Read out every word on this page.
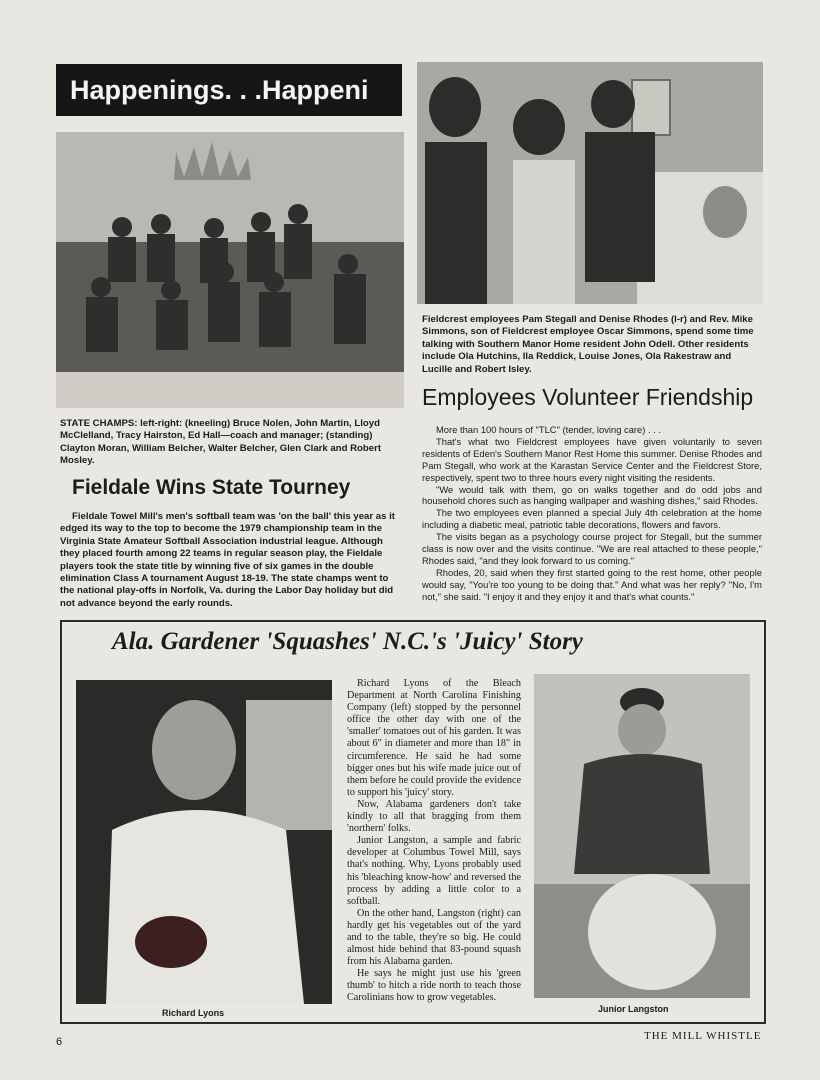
Happenings. . .Happeni
STATE CHAMPS: left-right: (kneeling) Bruce Nolen, John Martin, Lloyd McClelland, Tracy Hairston, Ed Hall—coach and manager; (standing) Clayton Moran, William Belcher, Walter Belcher, Glen Clark and Robert Mosley.
Fieldale Wins State Tourney
Fieldale Towel Mill's men's softball team was 'on the ball' this year as it edged its way to the top to become the 1979 championship team in the Virginia State Amateur Softball Association industrial league. Although they placed fourth among 22 teams in regular season play, the Fieldale players took the state title by winning five of six games in the double elimination Class A tournament August 18-19. The state champs went to the national play-offs in Norfolk, Va. during the Labor Day holiday but did not advance beyond the early rounds.
Fieldcrest employees Pam Stegall and Denise Rhodes (l-r) and Rev. Mike Simmons, son of Fieldcrest employee Oscar Simmons, spend some time talking with Southern Manor Home resident John Odell. Other residents include Ola Hutchins, Ila Reddick, Louise Jones, Ola Rakestraw and Lucille and Robert Isley.
Employees Volunteer Friendship

More than 100 hours of "TLC" (tender, loving care) . . .

That's what two Fieldcrest employees have given voluntarily to seven residents of Eden's Southern Manor Rest Home this summer. Denise Rhodes and Pam Stegall, who work at the Karastan Service Center and the Fieldcrest Store, respectively, spent two to three hours every night visiting the residents.

"We would talk with them, go on walks together and do odd jobs and household chores such as hanging wallpaper and washing dishes," said Rhodes.

The two employees even planned a special July 4th celebration at the home including a diabetic meal, patriotic table decorations, flowers and favors.

The visits began as a psychology course project for Stegall, but the summer class is now over and the visits continue. "We are real attached to these people," Rhodes said, "and they look forward to us coming."

Rhodes, 20, said when they first started going to the rest home, other people would say, "You're too young to be doing that." And what was her reply? "No, I'm not," she said. "I enjoy it and they enjoy it and that's what counts."

Ala. Gardener 'Squashes' N.C.'s 'Juicy' Story
Richard Lyons

Richard Lyons of the Bleach Department at North Carolina Finishing Company (left) stopped by the personnel office the other day with one of the 'smaller' tomatoes out of his garden. It was about 6" in diameter and more than 18" in circumference. He said he had some bigger ones but his wife made juice out of them before he could provide the evidence to support his 'juicy' story.

Now, Alabama gardeners don't take kindly to all that bragging from them 'northern' folks.

Junior Langston, a sample and fabric developer at Columbus Towel Mill, says that's nothing. Why, Lyons probably used his 'bleaching know-how' and reversed the process by adding a little color to a softball.

On the other hand, Langston (right) can hardly get his vegetables out of the yard and to the table, they're so big. He could almost hide behind that 83-pound squash from his Alabama garden.

He says he might just use his 'green thumb' to hitch a ride north to teach those Carolinians how to grow vegetables.

Junior Langston
6	THE MILL WHISTLE
